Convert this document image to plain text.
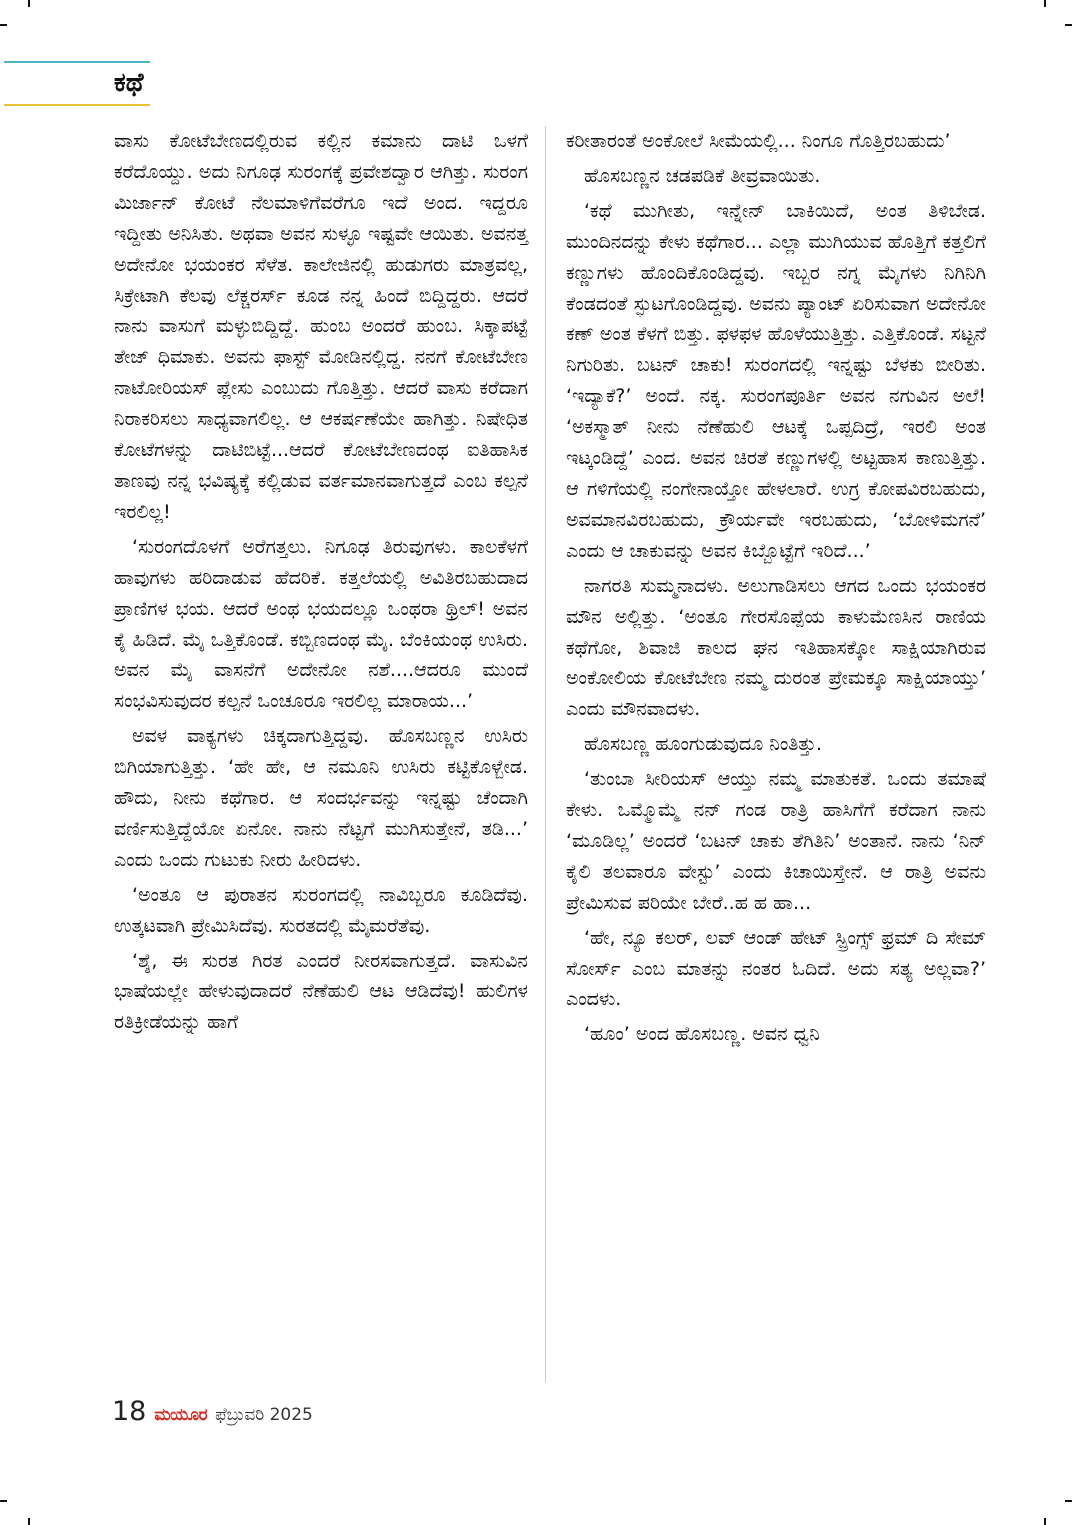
ಕಥೆ

ವಾಸು ಕೋಟೆಬೇಣದಲ್ಲಿರುವ ಕಲ್ಲಿನ ಕಮಾನು ದಾಟಿ ಒಳಗೆ ಕರೆದೊಯ್ದು. ಅದು ನಿಗೂಢ ಸುರಂಗಕ್ಕೆ ಪ್ರವೇಶದ್ವಾರ ಆಗಿತ್ತು. ಸುರಂಗ ಮಿರ್ಜಾನ್ ಕೋಟೆ ನೆಲಮಾಳಿಗೆವರೆಗೂ ಇದೆ ಅಂದ. ಇದ್ದರೂ ಇದ್ದೀತು ಅನಿಸಿತು. ಅಥವಾ ಅವನ ಸುಳ್ಳೂ ಇಷ್ಟವೇ ಆಯಿತು. ಅವನತ್ತ ಅದೇನೋ ಭಯಂಕರ ಸೆಳೆತ. ಕಾಲೇಜಿನಲ್ಲಿ ಹುಡುಗರು ಮಾತ್ರವಲ್ಲ, ಸಿಕ್ರೇಟಾಗಿ ಕೆಲವು ಲೆಕ್ಚರರ್ಸ್ ಕೂಡ ನನ್ನ ಹಿಂದೆ ಬಿದ್ದಿದ್ದರು. ಆದರೆ ನಾನು ವಾಸುಗೆ ಮಳ್ಳುಬಿದ್ದಿದ್ದೆ. ಹುಂಬ ಅಂದರೆ ಹುಂಬ. ಸಿಕ್ಕಾಪಟ್ಟೆ ತೇಜ್ ಧಿಮಾಕು. ಅವನು ಫಾಸ್ಟ್ ಮೋಡಿನಲ್ಲಿದ್ದ. ನನಗೆ ಕೋಟೆಬೇಣ ನಾಟೋರಿಯಸ್ ಪ್ಲೇಸು ಎಂಬುದು ಗೊತ್ತಿತ್ತು. ಆದರೆ ವಾಸು ಕರೆದಾಗ ನಿರಾಕರಿಸಲು ಸಾಧ್ಯವಾಗಲಿಲ್ಲ. ಆ ಆಕರ್ಷಣೆಯೇ ಹಾಗಿತ್ತು. ನಿಷೇಧಿತ ಕೋಟೆಗಳನ್ನು ದಾಟಿಬಿಟ್ಟೆ...ಆದರೆ ಕೋಟೆಬೇಣದಂಥ ಐತಿಹಾಸಿಕ ತಾಣವು ನನ್ನ ಭವಿಷ್ಯಕ್ಕೆ ಕಲ್ಲಿಡುವ ವರ್ತಮಾನವಾಗುತ್ತದೆ ಎಂಬ ಕಲ್ಪನೆ ಇರಲಿಲ್ಲ!

‘ಸುರಂಗದೊಳಗೆ ಅರೆಗತ್ತಲು. ನಿಗೂಢ ತಿರುವುಗಳು. ಕಾಲಕೆಳಗೆ ಹಾವುಗಳು ಹರಿದಾಡುವ ಹೆದರಿಕೆ. ಕತ್ತಲೆಯಲ್ಲಿ ಅವಿತಿರಬಹುದಾದ ಪ್ರಾಣಿಗಳ ಭಯ. ಆದರೆ ಅಂಥ ಭಯದಲ್ಲೂ ಒಂಥರಾ ಥ್ರಿಲ್! ಅವನ ಕೈ ಹಿಡಿದೆ. ಮೈ ಒತ್ತಿಕೊಂಡೆ. ಕಬ್ಬಿಣದಂಥ ಮೈ. ಬೆಂಕಿಯಂಥ ಉಸಿರು. ಅವನ ಮೈ ವಾಸನೆಗೆ ಅದೇನೋ ನಶೆ....ಆದರೂ ಮುಂದೆ ಸಂಭವಿಸುವುದರ ಕಲ್ಪನೆ ಒಂಚೂರೂ ಇರಲಿಲ್ಲ ಮಾರಾಯ...’

ಅವಳ ವಾಕ್ಯಗಳು ಚಿಕ್ಕದಾಗುತ್ತಿದ್ದವು. ಹೊಸಬಣ್ಣನ ಉಸಿರು ಬಿಗಿಯಾಗುತ್ತಿತ್ತು. ‘ಹೇ ಹೇ, ಆ ನಮೂನಿ ಉಸಿರು ಕಟ್ಟಿಕೊಳ್ಬೇಡ. ಹೌದು, ನೀನು ಕಥೆಗಾರ. ಆ ಸಂದರ್ಭವನ್ನು ಇನ್ನಷ್ಟು ಚೆಂದಾಗಿ ವರ್ಣಿಸುತ್ತಿದ್ದೆಯೋ ಏನೋ. ನಾನು ನೆಟ್ಟಗೆ ಮುಗಿಸುತ್ತೇನೆ, ತಡಿ...’ ಎಂದು ಒಂದು ಗುಟುಕು ನೀರು ಹೀರಿದಳು.

‘ಅಂತೂ ಆ ಪುರಾತನ ಸುರಂಗದಲ್ಲಿ ನಾವಿಬ್ಬರೂ ಕೂಡಿದೆವು. ಉತ್ಕಟವಾಗಿ ಪ್ರೇಮಿಸಿದೆವು. ಸುರತದಲ್ಲಿ ಮೈಮರೆತೆವು.

‘ಶ್ಶೆ, ಈ ಸುರತ ಗಿರತ ಎಂದರೆ ನೀರಸವಾಗುತ್ತದೆ. ವಾಸುವಿನ ಭಾಷೆಯಲ್ಲೇ ಹೇಳುವುದಾದರೆ ನೆಣೆಹುಲಿ ಆಟ ಆಡಿದೆವು! ಹುಲಿಗಳ ರತಿಕ್ರೀಡೆಯನ್ನು ಹಾಗೆ

ಕರೀತಾರಂತೆ ಅಂಕೋಲೆ ಸೀಮೆಯಲ್ಲಿ... ನಿಂಗೂ ಗೊತ್ತಿರಬಹುದು’

ಹೊಸಬಣ್ಣನ ಚಡಪಡಿಕೆ ತೀವ್ರವಾಯಿತು.

‘ಕಥೆ ಮುಗೀತು, ಇನ್ನೇನ್ ಬಾಕಿಯಿದೆ, ಅಂತ ತಿಳಿಬೇಡ. ಮುಂದಿನದನ್ನು ಕೇಳು ಕಥೆಗಾರ... ಎಲ್ಲಾ ಮುಗಿಯುವ ಹೊತ್ತಿಗೆ ಕತ್ತಲಿಗೆ ಕಣ್ಣುಗಳು ಹೊಂದಿಕೊಂಡಿದ್ದವು. ಇಬ್ಬರ ನಗ್ನ ಮೈಗಳು ನಿಗಿನಿಗಿ ಕೆಂಡದಂತೆ ಸ್ಫುಟಗೊಂಡಿದ್ದವು. ಅವನು ಪ್ಯಾಂಟ್ ಏರಿಸುವಾಗ ಅದೇನೋ ಕಣ್ ಅಂತ ಕೆಳಗೆ ಬಿತ್ತು. ಫಳಫಳ ಹೊಳೆಯುತ್ತಿತ್ತು. ಎತ್ತಿಕೊಂಡೆ. ಸಟ್ಟನೆ ನಿಗುರಿತು. ಬಟನ್ ಚಾಕು! ಸುರಂಗದಲ್ಲಿ ಇನ್ನಷ್ಟು ಬೆಳಕು ಬೀರಿತು. ‘ಇದ್ಯಾಕೆ?’ ಅಂದೆ. ನಕ್ಕ. ಸುರಂಗಪೂರ್ತಿ ಅವನ ನಗುವಿನ ಅಲೆ! ‘ಅಕಸ್ಮಾತ್ ನೀನು ನೆಣೆಹುಲಿ ಆಟಕ್ಕೆ ಒಪ್ಪದಿದ್ರೆ, ಇರಲಿ ಅಂತ ಇಟ್ಕಂಡಿದ್ದೆ’ ಎಂದ. ಅವನ ಚಿರತೆ ಕಣ್ಣುಗಳಲ್ಲಿ ಅಟ್ಟಹಾಸ ಕಾಣುತ್ತಿತ್ತು. ಆ ಗಳಿಗೆಯಲ್ಲಿ ನಂಗೇನಾಯ್ತೋ ಹೇಳಲಾರೆ. ಉಗ್ರ ಕೋಪವಿರಬಹುದು, ಅವಮಾನವಿರಬಹುದು, ಕ್ರೌರ್ಯವೇ ಇರಬಹುದು, ‘ಬೋಳಿಮಗನೆ’ ಎಂದು ಆ ಚಾಕುವನ್ನು ಅವನ ಕಿಬ್ಬೊಟ್ಟೆಗೆ ಇರಿದೆ...’

ನಾಗರತಿ ಸುಮ್ಮನಾದಳು. ಅಲುಗಾಡಿಸಲು ಆಗದ ಒಂದು ಭಯಂಕರ ಮೌನ ಅಲ್ಲಿತ್ತು. ‘ಅಂತೂ ಗೇರಸೊಪ್ಪೆಯ ಕಾಳುಮೆಣಸಿನ ರಾಣಿಯ ಕಥೆಗೋ, ಶಿವಾಜಿ ಕಾಲದ ಘನ ಇತಿಹಾಸಕ್ಕೋ ಸಾಕ್ಷಿಯಾಗಿರುವ ಅಂಕೋಲಿಯ ಕೋಟೆಬೇಣ ನಮ್ಮ ದುರಂತ ಪ್ರೇಮಕ್ಕೂ ಸಾಕ್ಷಿಯಾಯ್ತು’ ಎಂದು ಮೌನವಾದಳು.

ಹೊಸಬಣ್ಣ ಹೂಂಗುಡುವುದೂ ನಿಂತಿತ್ತು.

‘ತುಂಬಾ ಸೀರಿಯಸ್ ಆಯ್ತು ನಮ್ಮ ಮಾತುಕತೆ. ಒಂದು ತಮಾಷೆ ಕೇಳು. ಒಮ್ಮೊಮ್ಮೆ ನನ್ ಗಂಡ ರಾತ್ರಿ ಹಾಸಿಗೆಗೆ ಕರೆದಾಗ ನಾನು ‘ಮೂಡಿಲ್ಲ’ ಅಂದರೆ ‘ಬಟನ್ ಚಾಕು ತೆಗಿತಿನಿ’ ಅಂತಾನೆ. ನಾನು ‘ನಿನ್ ಕೈಲಿ ತಲವಾರೂ ವೇಸ್ಟು’ ಎಂದು ಕಿಚಾಯಿಸ್ತೇನೆ. ಆ ರಾತ್ರಿ ಅವನು ಪ್ರೇಮಿಸುವ ಪರಿಯೇ ಬೇರೆ..ಹ ಹ ಹಾ...

‘ಹೇ, ನ್ಯೂ ಕಲರ್, ಲವ್ ಆಂಡ್ ಹೇಟ್ ಸ್ಪ್ರಿಂಗ್ಸ್ ಫ್ರಮ್ ದಿ ಸೇಮ್ ಸೋರ್ಸ್ ಎಂಬ ಮಾತನ್ನು ನಂತರ ಓದಿದೆ. ಅದು ಸತ್ಯ ಅಲ್ಲವಾ?’ ಎಂದಳು.

‘ಹೂಂ’ ಅಂದ ಹೊಸಬಣ್ಣ. ಅವನ ಧ್ವನಿ

18 ಮಯೂರ ಫೆಬ್ರುವರಿ 2025
